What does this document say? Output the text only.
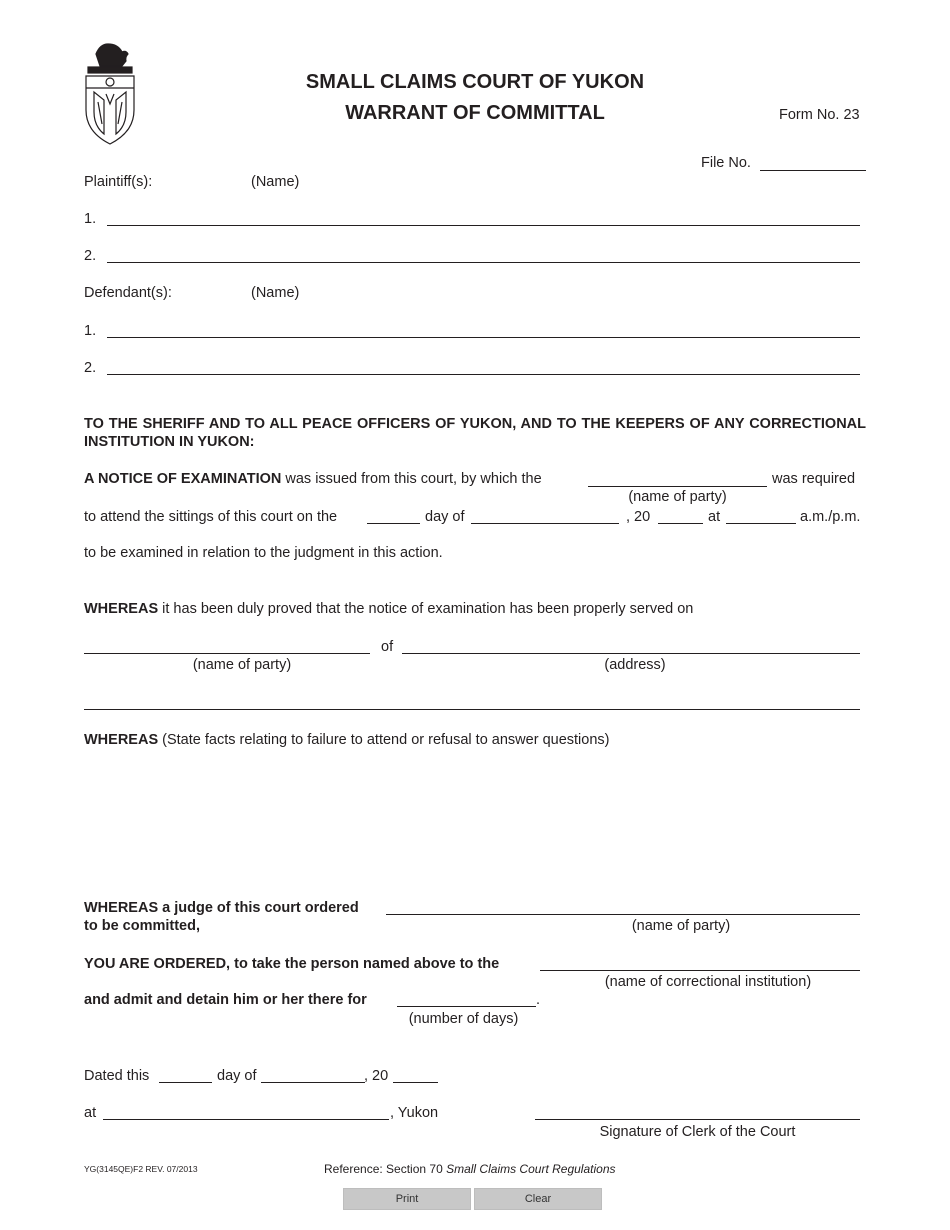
SMALL CLAIMS COURT OF YUKON
WARRANT OF COMMITTAL	Form No. 23
File No.
Plaintiff(s):	(Name)
1.
2.
Defendant(s):	(Name)
1.
2.
TO THE SHERIFF AND TO ALL PEACE OFFICERS OF YUKON, AND TO THE KEEPERS OF ANY CORRECTIONAL INSTITUTION IN YUKON:
A NOTICE OF EXAMINATION was issued from this court, by which the	was required
(name of party)
to attend the sittings of this court on the	day of	, 20	at	a.m./p.m.
to be examined in relation to the judgment in this action.
WHEREAS it has been duly proved that the notice of examination has been properly served on
of
(name of party)	(address)
WHEREAS (State facts relating to failure to attend or refusal to answer questions)
WHEREAS a judge of this court ordered
to be committed,	(name of party)
YOU ARE ORDERED, to take the person named above to the
(name of correctional institution)
and admit and detain him or her there for	.
(number of days)
Dated this	day of	, 20
at	, Yukon
Signature of Clerk of the Court
YG(3145QE)F2 REV. 07/2013	Reference: Section 70 Small Claims Court Regulations
Print	Clear
